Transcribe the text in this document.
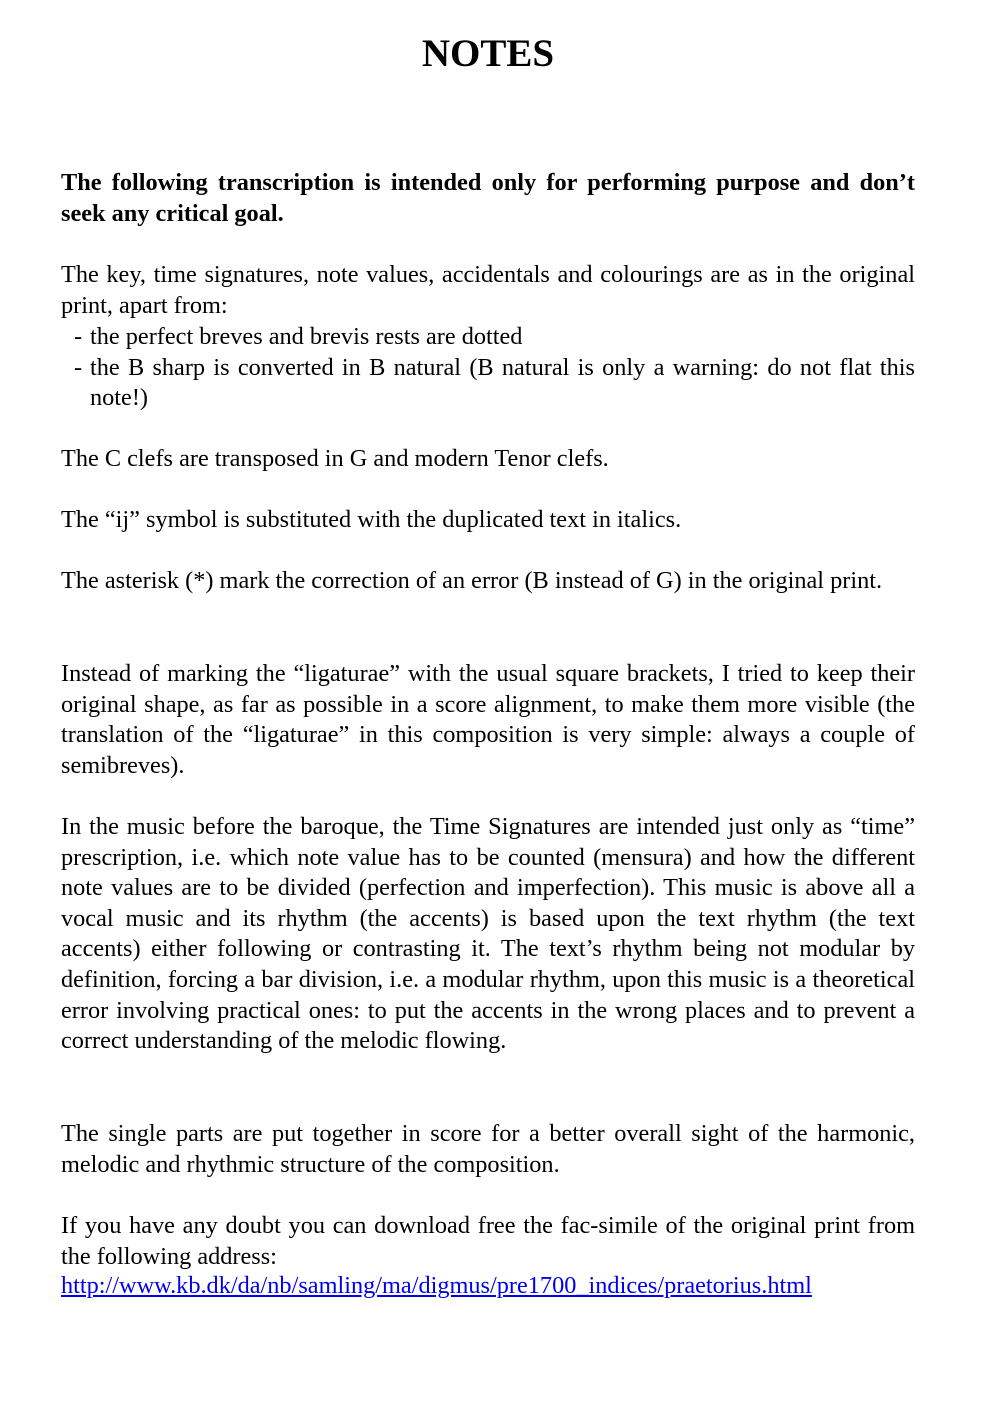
NOTES

The following transcription is intended only for performing purpose and don’t seek any critical goal.

The key, time signatures, note values, accidentals and colourings are as in the original print, apart from:

- the perfect breves and brevis rests are dotted
- the B sharp is converted in B natural (B natural is only a warning: do not flat this note!)

The C clefs are transposed in G and modern Tenor clefs.

The “ij” symbol is substituted with the duplicated text in italics.

The asterisk (*) mark the correction of an error (B instead of G) in the original print.

Instead of marking the “ligaturae” with the usual square brackets, I tried to keep their original shape, as far as possible in a score alignment, to make them more visible (the translation of the “ligaturae” in this composition is very simple: always a couple of semibreves).

In the music before the baroque, the Time Signatures are intended just only as “time” prescription, i.e. which note value has to be counted (mensura) and how the different note values are to be divided (perfection and imperfection). This music is above all a vocal music and its rhythm (the accents) is based upon the text rhythm (the text accents) either following or contrasting it. The text’s rhythm being not modular by definition, forcing a bar division, i.e. a modular rhythm, upon this music is a theoretical error involving practical ones: to put the accents in the wrong places and to prevent a correct understanding of the melodic flowing.

The single parts are put together in score for a better overall sight of the harmonic, melodic and rhythmic structure of the composition.

If you have any doubt you can download free the fac-simile of the original print from the following address:

http://www.kb.dk/da/nb/samling/ma/digmus/pre1700_indices/praetorius.html
